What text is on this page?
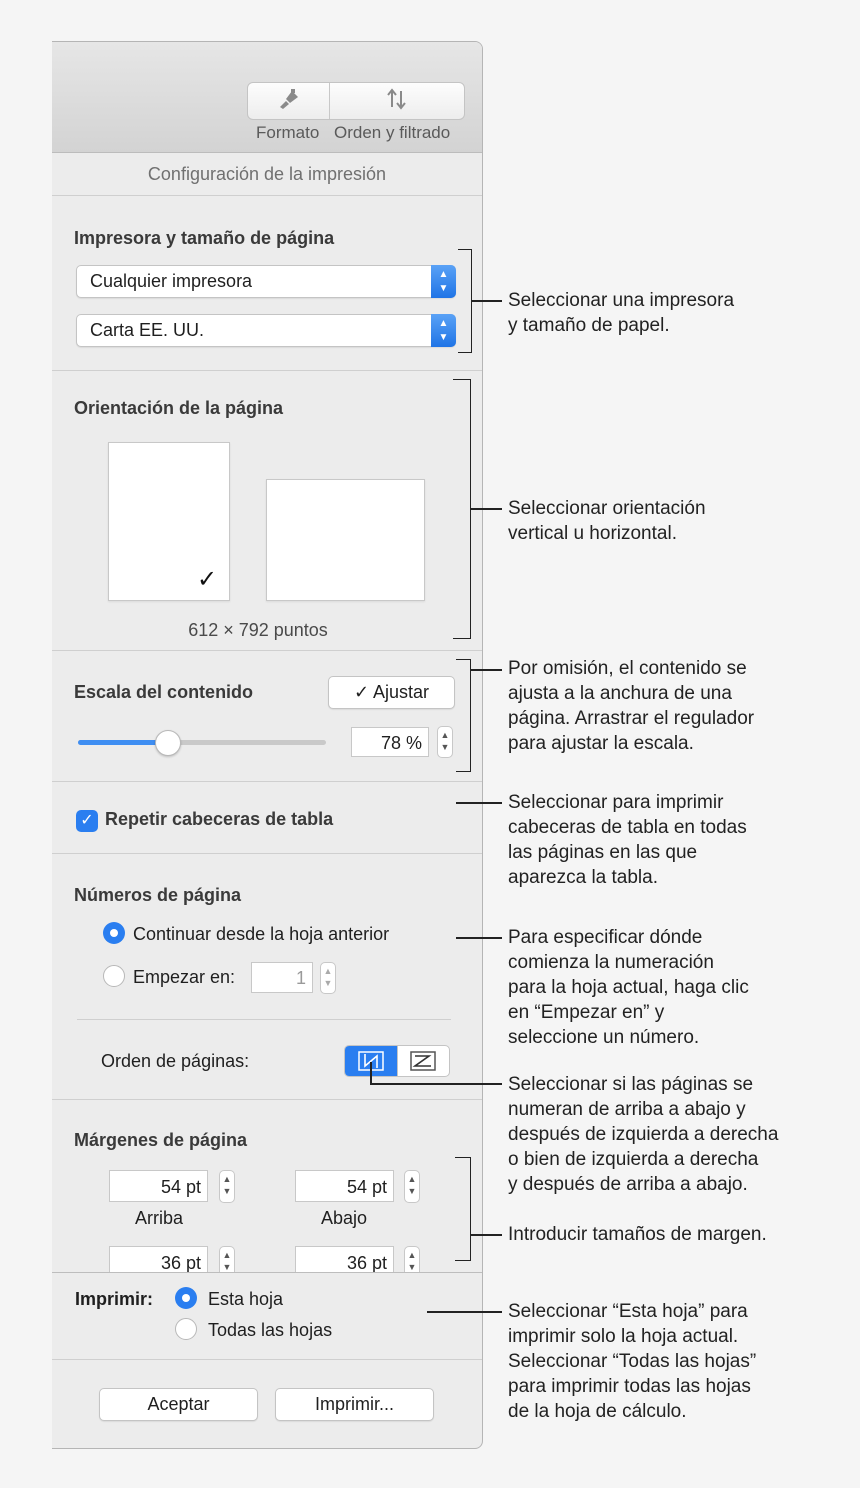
Formato Orden y filtrado
Configuración de la impresión
Impresora y tamaño de página
Cualquier impresora	▲
▼
Carta EE. UU.	▲
▼
Orientación de la página
✓
612 × 792 puntos
Escala del contenido	✓ Ajustar
78 %	▲
▼
✓ Repetir cabeceras de tabla
Números de página
Continuar desde la hoja anterior
Empezar en:	1	▲
▼
Orden de páginas:
Márgenes de página
54 pt	▲
▼
Arriba
54 pt	▲
▼
Abajo
36 pt	▲
▼	36 pt	▲
▼
Imprimir:	Esta hoja
Todas las hojas
Aceptar	Imprimir...
Seleccionar una impresora
y tamaño de papel.
Seleccionar orientación
vertical u horizontal.
Por omisión, el contenido se
ajusta a la anchura de una
página. Arrastrar el regulador
para ajustar la escala.
Seleccionar para imprimir
cabeceras de tabla en todas
las páginas en las que
aparezca la tabla.
Para especificar dónde
comienza la numeración
para la hoja actual, haga clic
en “Empezar en” y
seleccione un número.
Seleccionar si las páginas se
numeran de arriba a abajo y
después de izquierda a derecha
o bien de izquierda a derecha
y después de arriba a abajo.
Introducir tamaños de margen.
Seleccionar “Esta hoja” para
imprimir solo la hoja actual.
Seleccionar “Todas las hojas”
para imprimir todas las hojas
de la hoja de cálculo.
